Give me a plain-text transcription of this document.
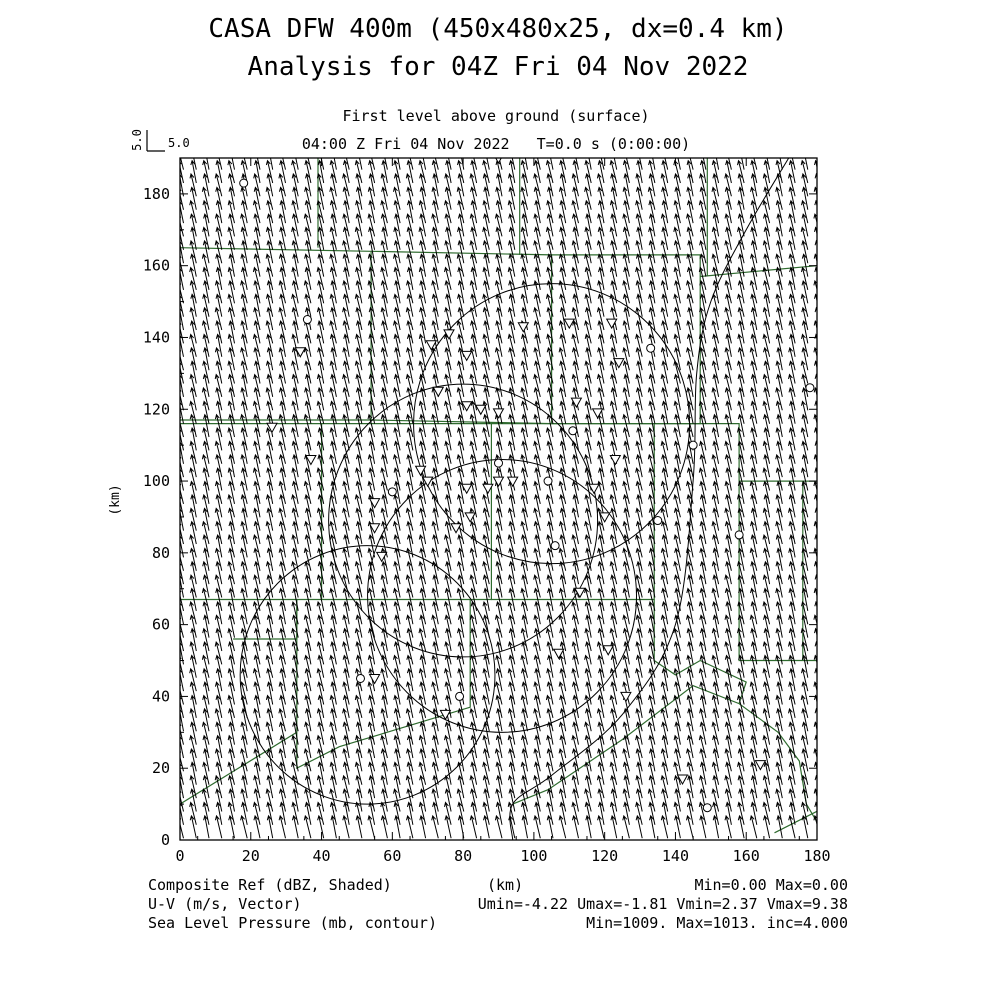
CASA DFW 400m (450x480x25, dx=0.4 km)
Analysis for 04Z Fri 04 Nov 2022
First level above ground (surface)
04:00 Z Fri 04 Nov 2022   T=0.0 s (0:00:00)
0	20	40	60	80	100	120	140	160	180
0
20
40
60
80
100
120
140
160
180
(km)
5.0 5.0
Composite Ref (dBZ, Shaded)	(km)	Min=0.00 Max=0.00
U-V (m/s, Vector)	Umin=-4.22 Umax=-1.81 Vmin=2.37 Vmax=9.38
Sea Level Pressure (mb, contour)	Min=1009. Max=1013. inc=4.000
